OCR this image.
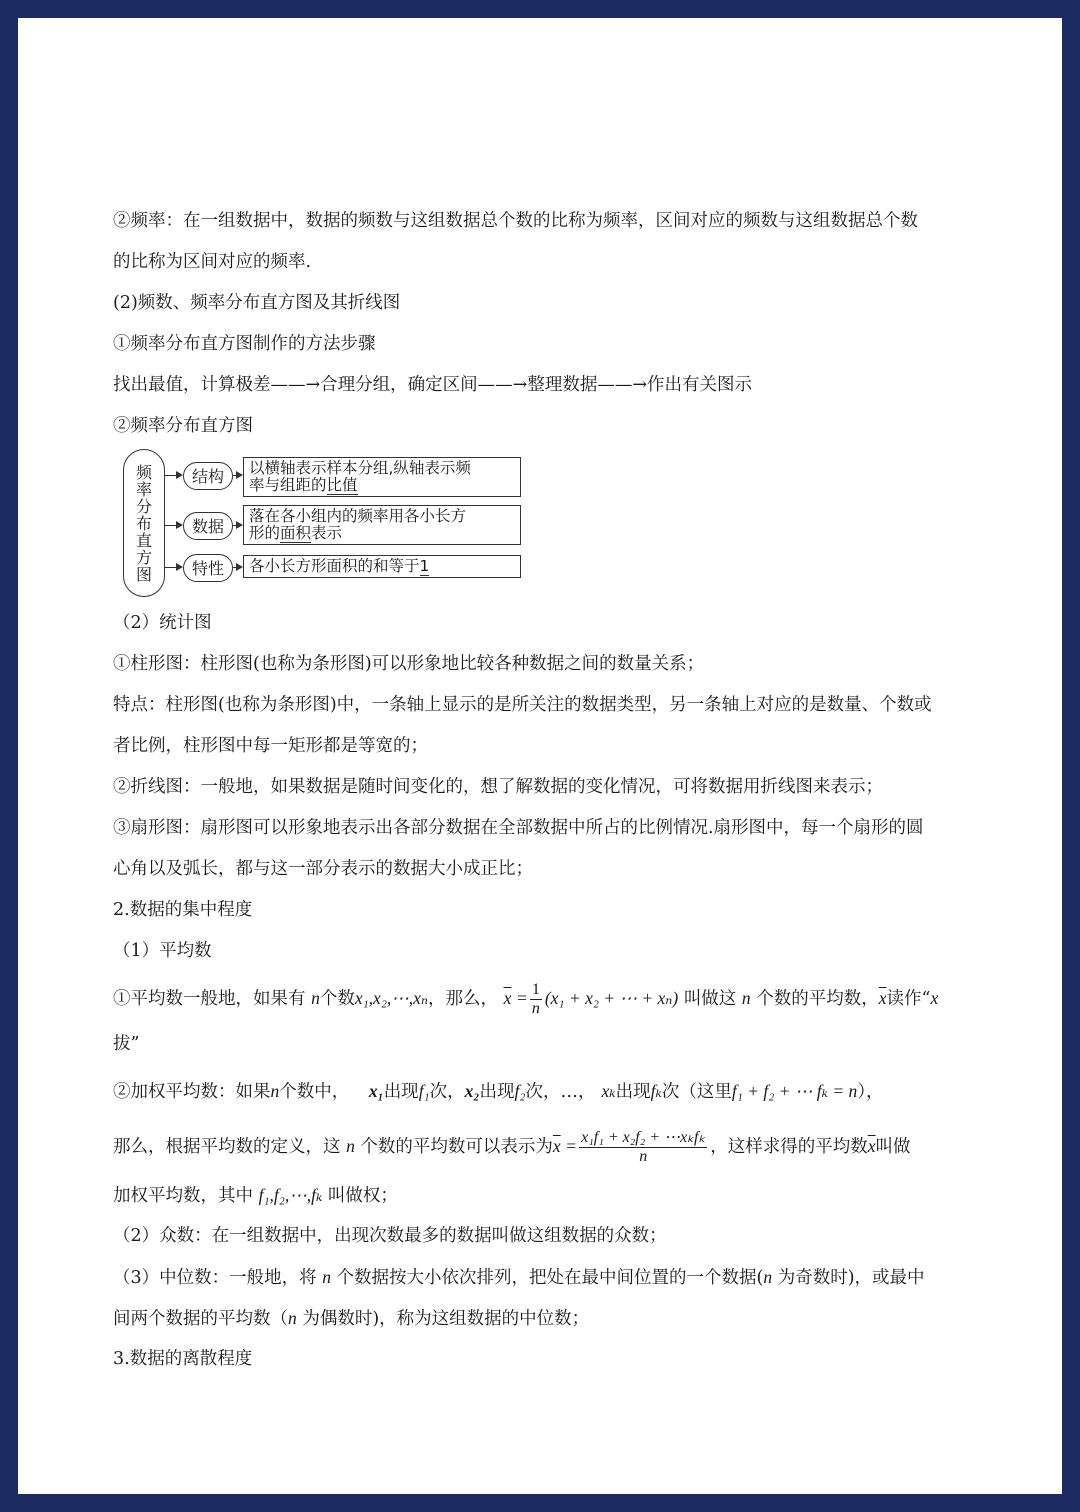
②频率：在一组数据中，数据的频数与这组数据总个数的比称为频率，区间对应的频数与这组数据总个数
的比称为区间对应的频率.
(2)频数、频率分布直方图及其折线图
①频率分布直方图制作的方法步骤
找出最值，计算极差——→合理分组，确定区间——→整理数据——→作出有关图示
②频率分布直方图
频
率
分
布
直
方
图
结构	以横轴表示样本分组,纵轴表示频
率与组距的比值
数据
落在各小组内的频率用各小长方
形的面积表示
特性	各小长方形面积的和等于1
（2）统计图
①柱形图：柱形图(也称为条形图)可以形象地比较各种数据之间的数量关系；
特点：柱形图(也称为条形图)中，一条轴上显示的是所关注的数据类型，另一条轴上对应的是数量、个数或
者比例，柱形图中每一矩形都是等宽的；
②折线图：一般地，如果数据是随时间变化的，想了解数据的变化情况，可将数据用折线图来表示；
③扇形图：扇形图可以形象地表示出各部分数据在全部数据中所占的比例情况.扇形图中，每一个扇形的圆
心角以及弧长，都与这一部分表示的数据大小成正比；
2.数据的集中程度
（1）平均数
①平均数一般地，如果有 n个数x₁,x₂,⋯,xₙ，那么， $\overline{x} = \frac{1}{n} (x_1 + x_2$ + ⋯ + xₙ) 叫做这 n 个数的平均数，$\overline{x}$读作“x
拔”
②加权平均数：如果n个数中， x₁出现f₁次，x₂出现f₂次，…， xₖ出现fₖ次（这里f₁ + f₂ + ⋯ fₖ = n），
那么，根据平均数的定义，这 n 个数的平均数可以表示为$\overline{x} = \frac{\text{x₁f₁ + x₂f₂ + ⋯xₖfₖ}}{n}$ ，这样求得的平均数$\overline{x}$叫做
加权平均数，其中 f₁,f₂,⋯,fₖ 叫做权；
（2）众数：在一组数据中，出现次数最多的数据叫做这组数据的众数；
（3）中位数：一般地，将 n 个数据按大小依次排列，把处在最中间位置的一个数据(n 为奇数时)，或最中
间两个数据的平均数（n 为偶数时)，称为这组数据的中位数；
3.数据的离散程度
